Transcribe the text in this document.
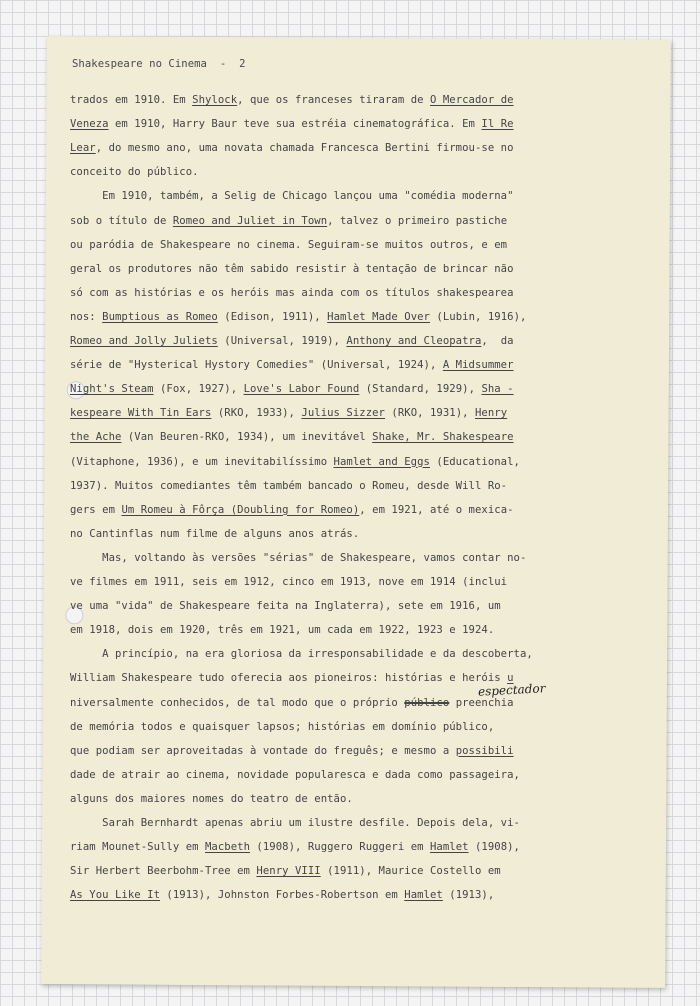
Shakespeare no Cinema  -  2
trados em 1910. Em Shylock, que os franceses tiraram de O Mercador de
Veneza em 1910, Harry Baur teve sua estréia cinematográfica. Em Il Re
Lear, do mesmo ano, uma novata chamada Francesca Bertini firmou-se no
conceito do público.
Em 1910, também, a Selig de Chicago lançou uma "comédia moderna"
sob o título de Romeo and Juliet in Town, talvez o primeiro pastiche
ou paródia de Shakespeare no cinema. Seguiram-se muitos outros, e em
geral os produtores não têm sabido resistir à tentação de brincar não
só com as histórias e os heróis mas ainda com os títulos shakespearea
nos: Bumptious as Romeo (Edison, 1911), Hamlet Made Over (Lubin, 1916),
Romeo and Jolly Juliets (Universal, 1919), Anthony and Cleopatra,  da
série de "Hysterical Hystory Comedies" (Universal, 1924), A Midsummer
Night's Steam (Fox, 1927), Love's Labor Found (Standard, 1929), Sha -
kespeare With Tin Ears (RKO, 1933), Julius Sizzer (RKO, 1931), Henry
the Ache (Van Beuren-RKO, 1934), um inevitável Shake, Mr. Shakespeare
(Vitaphone, 1936), e um inevitabilíssimo Hamlet and Eggs (Educational,
1937). Muitos comediantes têm também bancado o Romeu, desde Will Ro-
gers em Um Romeu à Fôrça (Doubling for Romeo), em 1921, até o mexica-
no Cantinflas num filme de alguns anos atrás.
Mas, voltando às versões "sérias" de Shakespeare, vamos contar no-
ve filmes em 1911, seis em 1912, cinco em 1913, nove em 1914 (inclui
ve uma "vida" de Shakespeare feita na Inglaterra), sete em 1916, um
em 1918, dois em 1920, três em 1921, um cada em 1922, 1923 e 1924.
A princípio, na era gloriosa da irresponsabilidade e da descoberta,
William Shakespeare tudo oferecia aos pioneiros: histórias e heróis u
niversalmente conhecidos, de tal modo que o próprio público preenchia
de memória todos e quaisquer lapsos; histórias em domínio público,
que podiam ser aproveitadas à vontade do freguês; e mesmo a possibili
dade de atrair ao cinema, novidade popularesca e dada como passageira,
alguns dos maiores nomes do teatro de então.
Sarah Bernhardt apenas abriu um ilustre desfile. Depois dela, vi-
riam Mounet-Sully em Macbeth (1908), Ruggero Ruggeri em Hamlet (1908),
Sir Herbert Beerbohm-Tree em Henry VIII (1911), Maurice Costello em
As You Like It (1913), Johnston Forbes-Robertson em Hamlet (1913),
espectador
